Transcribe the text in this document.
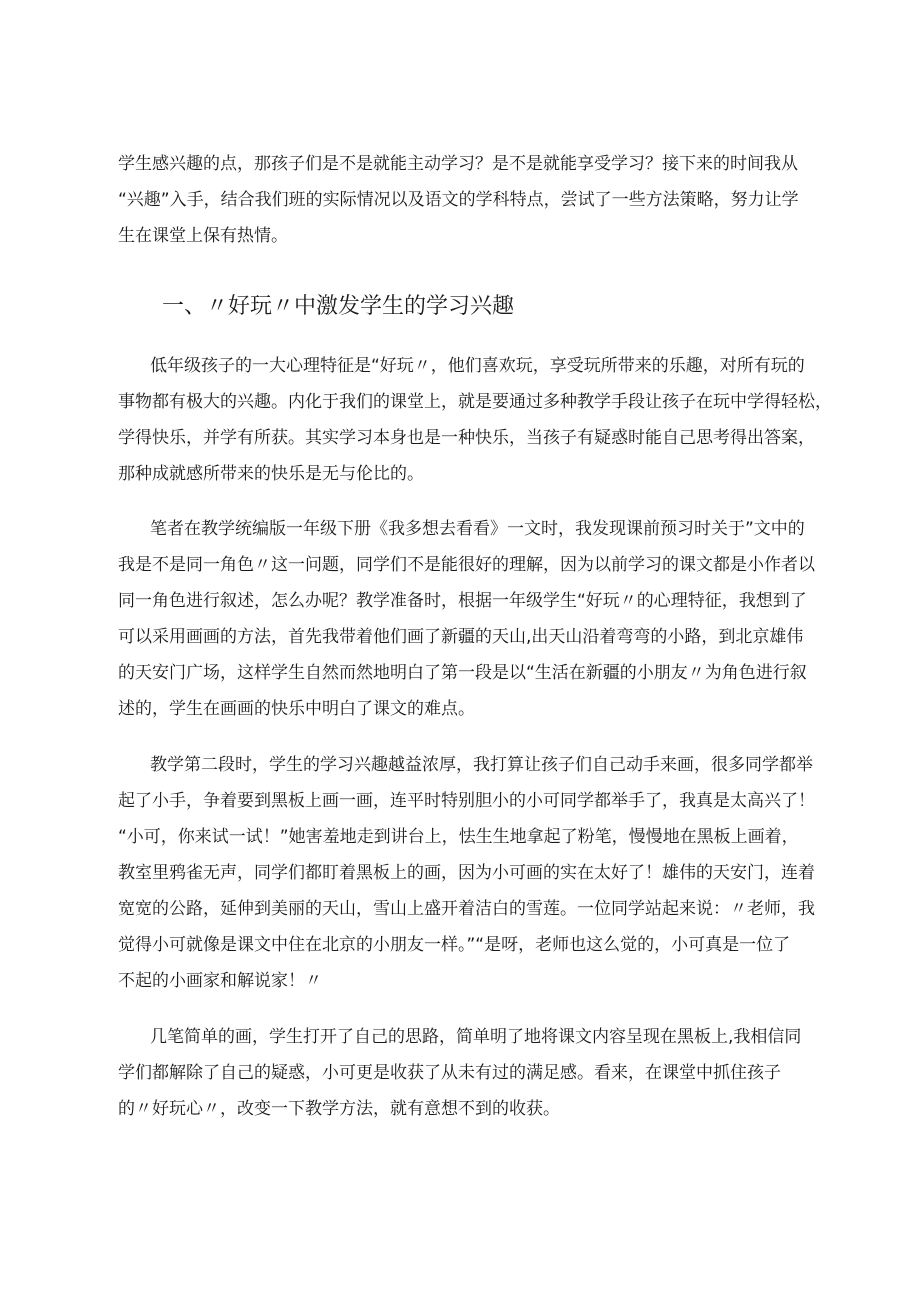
学生感兴趣的点，那孩子们是不是就能主动学习？是不是就能享受学习？接下来的时间我从

“兴趣”入手，结合我们班的实际情况以及语文的学科特点，尝试了一些方法策略，努力让学

生在课堂上保有热情。

一、〃好玩〃中激发学生的学习兴趣

低年级孩子的一大心理特征是“好玩〃，他们喜欢玩，享受玩所带来的乐趣，对所有玩的

事物都有极大的兴趣。内化于我们的课堂上，就是要通过多种教学手段让孩子在玩中学得轻松，

学得快乐，并学有所获。其实学习本身也是一种快乐，当孩子有疑惑时能自己思考得出答案，

那种成就感所带来的快乐是无与伦比的。

笔者在教学统编版一年级下册《我多想去看看》一文时，我发现课前预习时关于”文中的

我是不是同一角色〃这一问题，同学们不是能很好的理解，因为以前学习的课文都是小作者以

同一角色进行叙述，怎么办呢？教学准备时，根据一年级学生“好玩〃的心理特征，我想到了

可以采用画画的方法，首先我带着他们画了新疆的天山,出天山沿着弯弯的小路，到北京雄伟

的天安门广场，这样学生自然而然地明白了第一段是以“生活在新疆的小朋友〃为角色进行叙

述的，学生在画画的快乐中明白了课文的难点。

教学第二段时，学生的学习兴趣越益浓厚，我打算让孩子们自己动手来画，很多同学都举

起了小手，争着要到黑板上画一画，连平时特别胆小的小可同学都举手了，我真是太高兴了！

“小可，你来试一试！”她害羞地走到讲台上，怯生生地拿起了粉笔，慢慢地在黑板上画着，

教室里鸦雀无声，同学们都盯着黑板上的画，因为小可画的实在太好了！雄伟的天安门，连着

宽宽的公路，延伸到美丽的天山，雪山上盛开着洁白的雪莲。一位同学站起来说：〃老师，我

觉得小可就像是课文中住在北京的小朋友一样。”“是呀，老师也这么觉的，小可真是一位了

不起的小画家和解说家！〃

几笔简单的画，学生打开了自己的思路，简单明了地将课文内容呈现在黑板上,我相信同

学们都解除了自己的疑惑，小可更是收获了从未有过的满足感。看来，在课堂中抓住孩子

的〃好玩心〃，改变一下教学方法，就有意想不到的收获。
